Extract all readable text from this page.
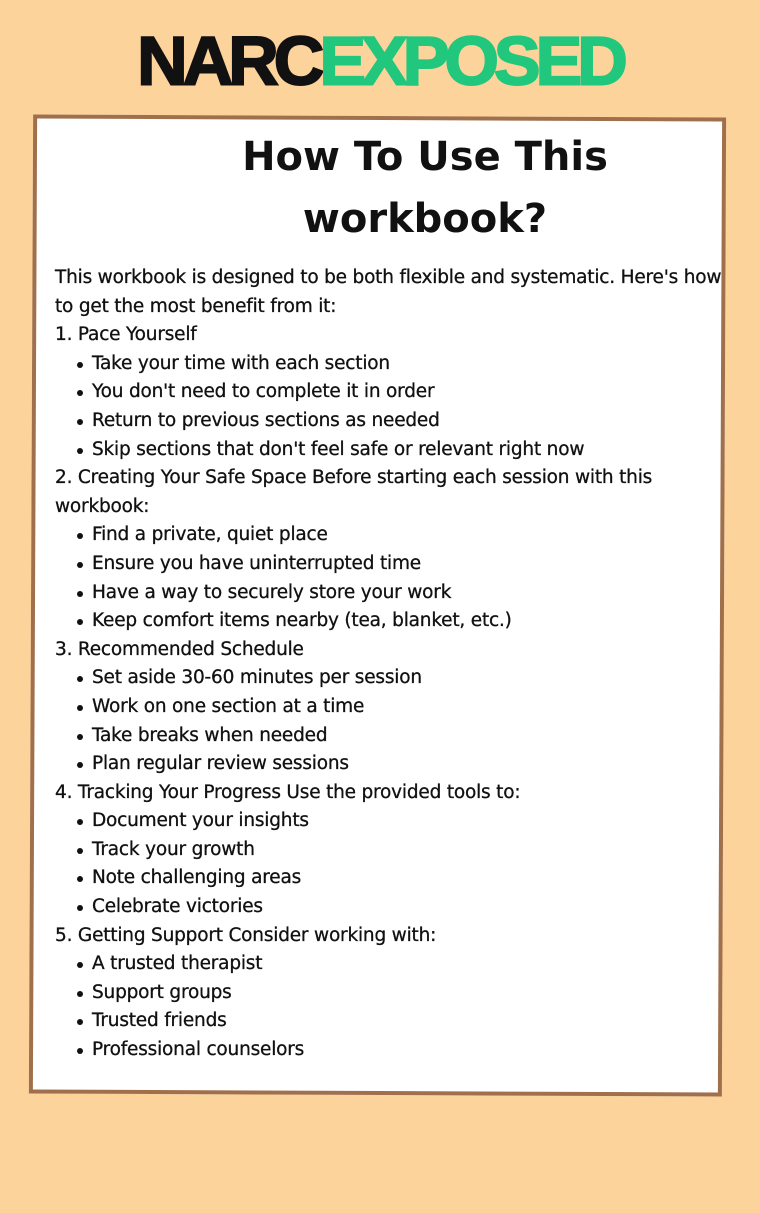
NARCEXPOSED
How To Use This
workbook?

This workbook is designed to be both flexible and systematic. Here's how to get the most benefit from it:

1. Pace Yourself

Take your time with each section
You don't need to complete it in order
Return to previous sections as needed
Skip sections that don't feel safe or relevant right now

2. Creating Your Safe Space Before starting each session with this workbook:

Find a private, quiet place
Ensure you have uninterrupted time
Have a way to securely store your work
Keep comfort items nearby (tea, blanket, etc.)

3. Recommended Schedule

Set aside 30-60 minutes per session
Work on one section at a time
Take breaks when needed
Plan regular review sessions

4. Tracking Your Progress Use the provided tools to:

Document your insights
Track your growth
Note challenging areas
Celebrate victories

5. Getting Support Consider working with:

A trusted therapist
Support groups
Trusted friends
Professional counselors
